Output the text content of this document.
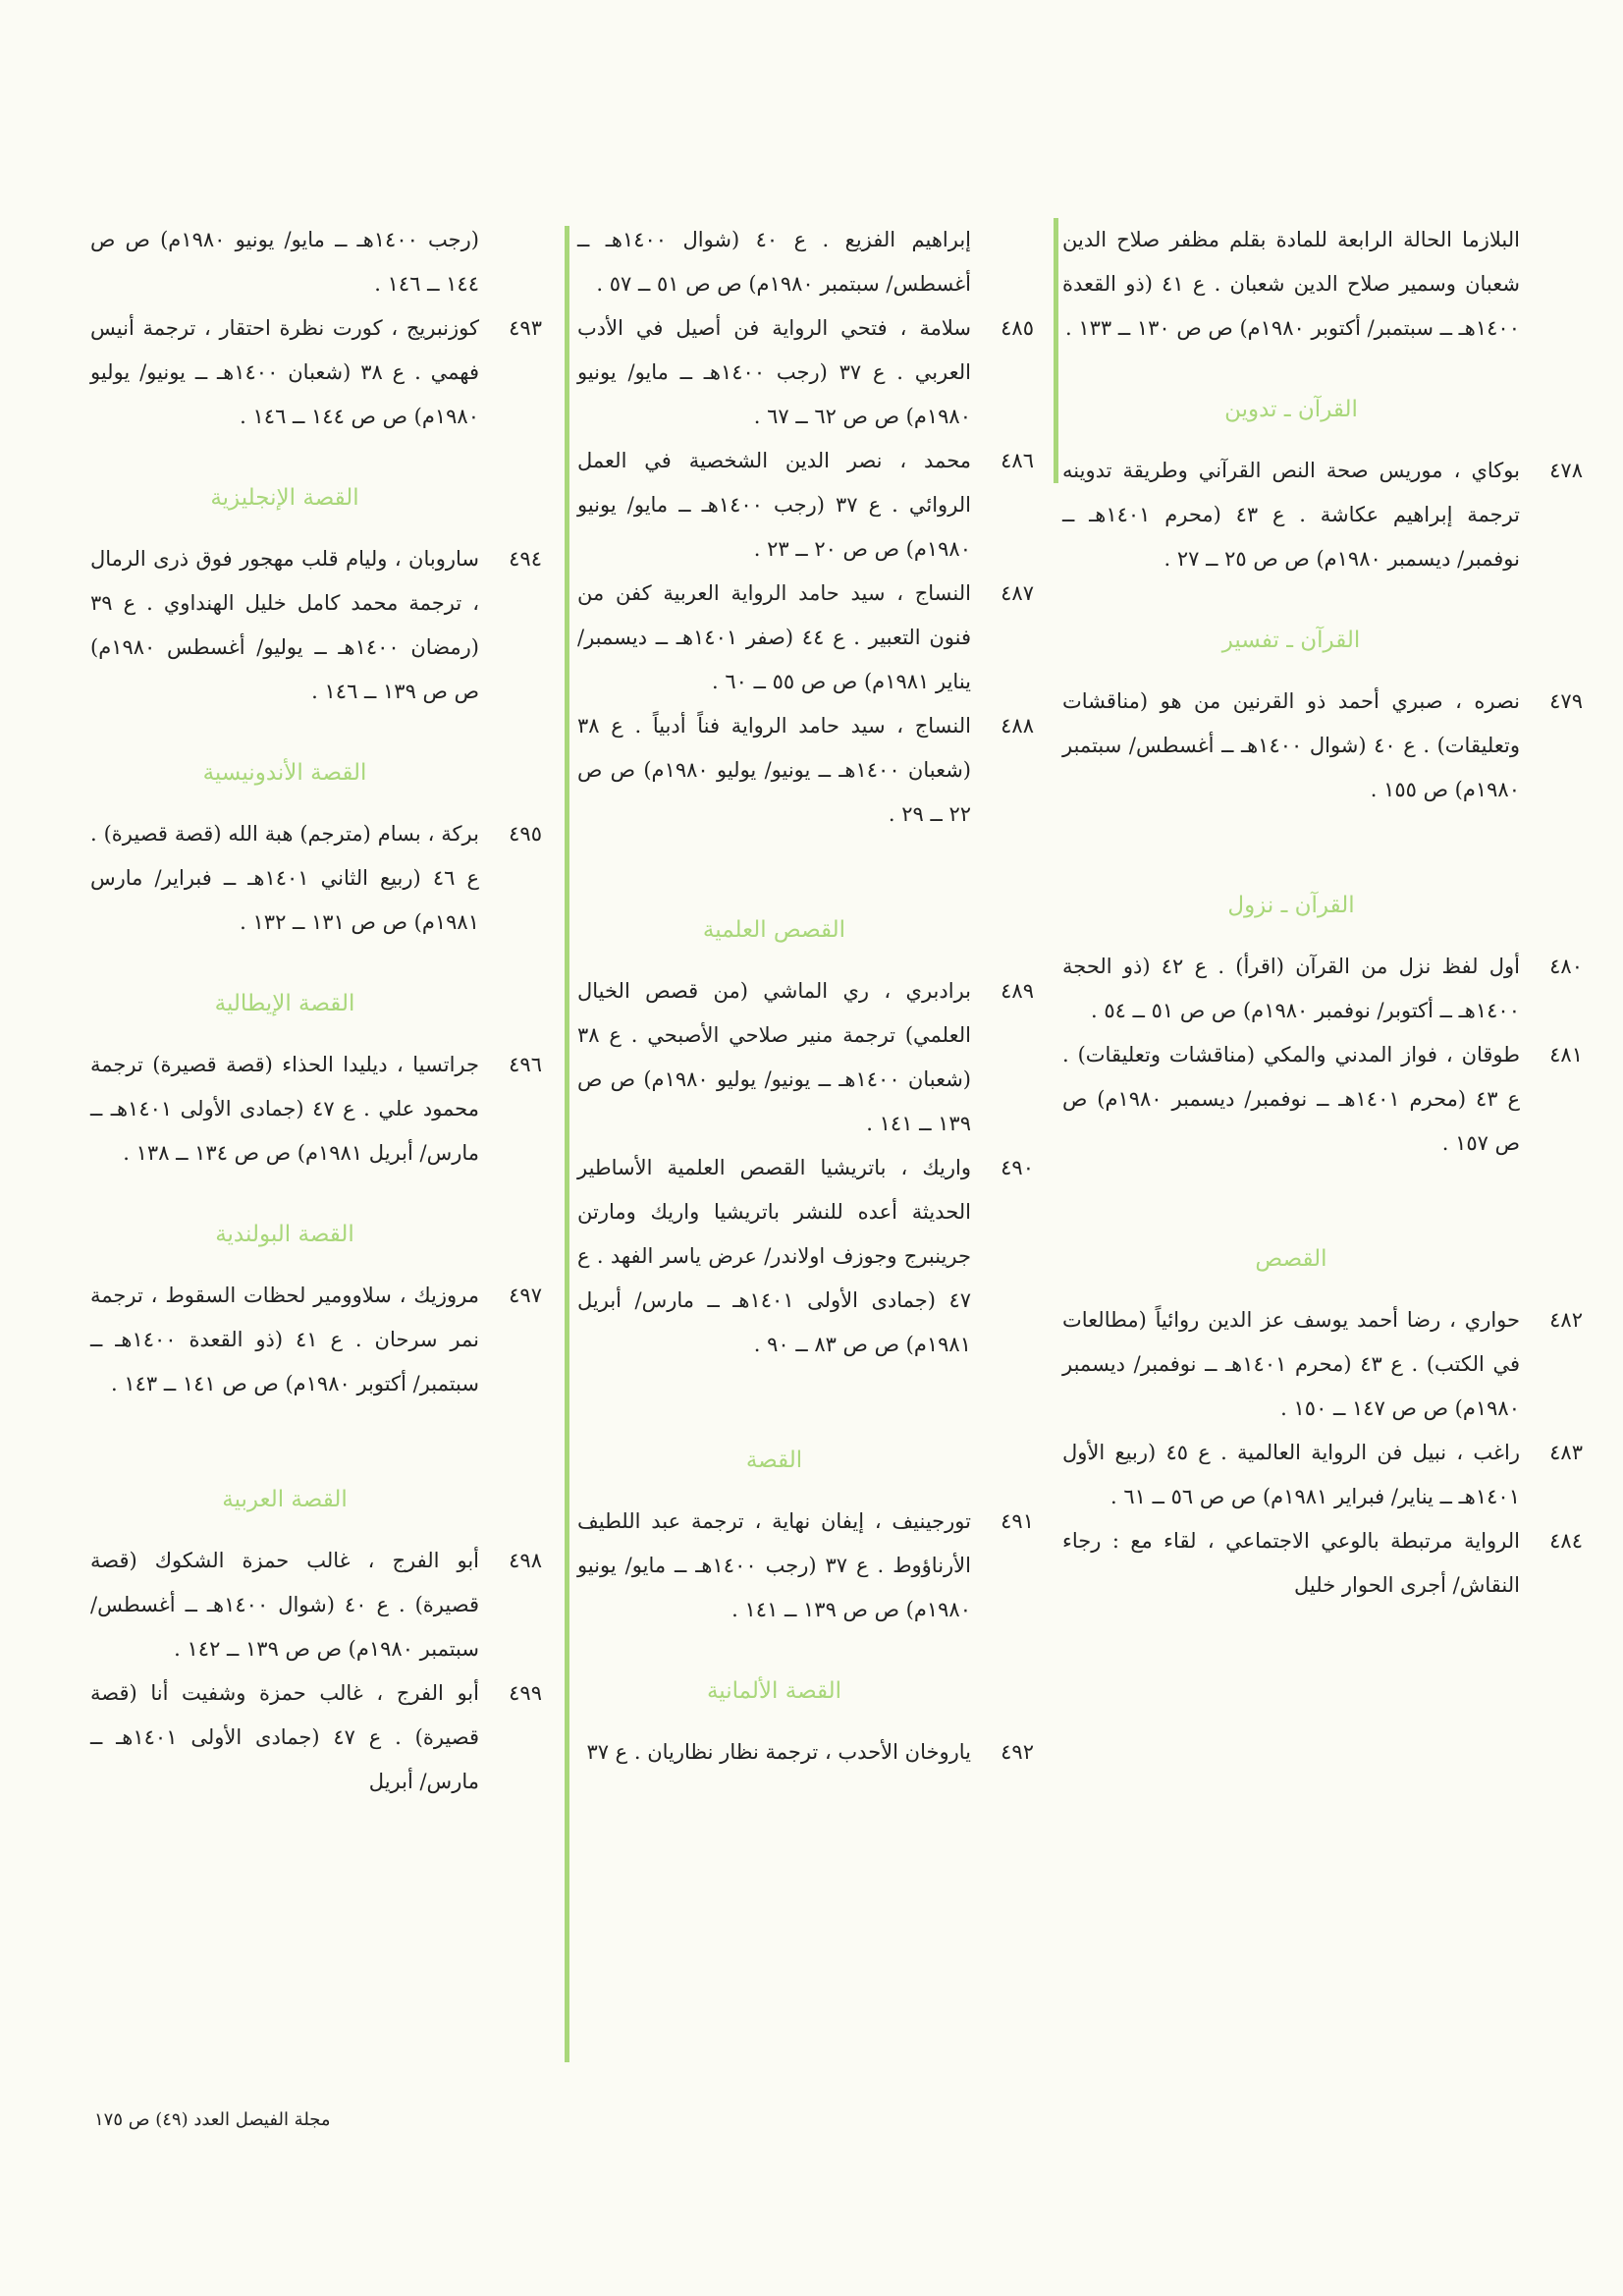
البلازما الحالة الرابعة للمادة بقلم مظفر صلاح الدين شعبان وسمير صلاح الدين شعبان . ع ٤١ (ذو القعدة ١٤٠٠هـ ــ سبتمبر/ أكتوبر ١٩٨٠م) ص ص ١٣٠ ــ ١٣٣ .
القرآن ـ تدوين
٤٧٨
بوكاي ، موريس صحة النص القرآني وطريقة تدوينه ترجمة إبراهيم عكاشة . ع ٤٣ (محرم ١٤٠١هـ ــ نوفمبر/ ديسمبر ١٩٨٠م) ص ص ٢٥ ــ ٢٧ .
القرآن ـ تفسير
٤٧٩
نصره ، صبري أحمد ذو القرنين من هو (مناقشات وتعليقات) . ع ٤٠ (شوال ١٤٠٠هـ ــ أغسطس/ سبتمبر ١٩٨٠م) ص ١٥٥ .
القرآن ـ نزول
٤٨٠
أول لفظ نزل من القرآن (اقرأ) . ع ٤٢ (ذو الحجة ١٤٠٠هـ ــ أكتوبر/ نوفمبر ١٩٨٠م) ص ص ٥١ ــ ٥٤ .
٤٨١
طوقان ، فواز المدني والمكي (مناقشات وتعليقات) . ع ٤٣ (محرم ١٤٠١هـ ــ نوفمبر/ ديسمبر ١٩٨٠م) ص ص ١٥٧ .
القصص
٤٨٢
حواري ، رضا أحمد يوسف عز الدين روائياً (مطالعات في الكتب) . ع ٤٣ (محرم ١٤٠١هـ ــ نوفمبر/ ديسمبر ١٩٨٠م) ص ص ١٤٧ ــ ١٥٠ .
٤٨٣
راغب ، نبيل فن الرواية العالمية . ع ٤٥ (ربيع الأول ١٤٠١هـ ــ يناير/ فبراير ١٩٨١م) ص ص ٥٦ ــ ٦١ .
٤٨٤
الرواية مرتبطة بالوعي الاجتماعي ، لقاء مع : رجاء النقاش/ أجرى الحوار خليل
إبراهيم الفزيع . ع ٤٠ (شوال ١٤٠٠هـ ــ أغسطس/ سبتمبر ١٩٨٠م) ص ص ٥١ ــ ٥٧ .
٤٨٥
سلامة ، فتحي الرواية فن أصيل في الأدب العربي . ع ٣٧ (رجب ١٤٠٠هـ ــ مايو/ يونيو ١٩٨٠م) ص ص ٦٢ ــ ٦٧ .
٤٨٦
محمد ، نصر الدين الشخصية في العمل الروائي . ع ٣٧ (رجب ١٤٠٠هـ ــ مايو/ يونيو ١٩٨٠م) ص ص ٢٠ ــ ٢٣ .
٤٨٧
النساج ، سيد حامد الرواية العربية كفن من فنون التعبير . ع ٤٤ (صفر ١٤٠١هـ ــ ديسمبر/ يناير ١٩٨١م) ص ص ٥٥ ــ ٦٠ .
٤٨٨
النساج ، سيد حامد الرواية فناً أدبياً . ع ٣٨ (شعبان ١٤٠٠هـ ــ يونيو/ يوليو ١٩٨٠م) ص ص ٢٢ ــ ٢٩ .
القصص العلمية
٤٨٩
برادبري ، ري الماشي (من قصص الخيال العلمي) ترجمة منير صلاحي الأصبحي . ع ٣٨ (شعبان ١٤٠٠هـ ــ يونيو/ يوليو ١٩٨٠م) ص ص ١٣٩ ــ ١٤١ .
٤٩٠
واريك ، باتريشيا القصص العلمية الأساطير الحديثة أعده للنشر باتريشيا واريك ومارتن جرينبرج وجوزف اولاندر/ عرض ياسر الفهد . ع ٤٧ (جمادى الأولى ١٤٠١هـ ــ مارس/ أبريل ١٩٨١م) ص ص ٨٣ ــ ٩٠ .
القصة
٤٩١
تورجينيف ، إيفان نهاية ، ترجمة عبد اللطيف الأرناؤوط . ع ٣٧ (رجب ١٤٠٠هـ ــ مايو/ يونيو ١٩٨٠م) ص ص ١٣٩ ــ ١٤١ .
القصة الألمانية
٤٩٢
ياروخان الأحدب ، ترجمة نظار نظاريان . ع ٣٧
(رجب ١٤٠٠هـ ــ مايو/ يونيو ١٩٨٠م) ص ص ١٤٤ ــ ١٤٦ .
٤٩٣
كوزنبريج ، كورت نظرة احتقار ، ترجمة أنيس فهمي . ع ٣٨ (شعبان ١٤٠٠هـ ــ يونيو/ يوليو ١٩٨٠م) ص ص ١٤٤ ــ ١٤٦ .
القصة الإنجليزية
٤٩٤
ساروبان ، وليام قلب مهجور فوق ذرى الرمال ، ترجمة محمد كامل خليل الهنداوي . ع ٣٩ (رمضان ١٤٠٠هـ ــ يوليو/ أغسطس ١٩٨٠م) ص ص ١٣٩ ــ ١٤٦ .
القصة الأندونيسية
٤٩٥
بركة ، بسام (مترجم) هبة الله (قصة قصيرة) . ع ٤٦ (ربيع الثاني ١٤٠١هـ ــ فبراير/ مارس ١٩٨١م) ص ص ١٣١ ــ ١٣٢ .
القصة الإيطالية
٤٩٦
جراتسيا ، ديليدا الحذاء (قصة قصيرة) ترجمة محمود علي . ع ٤٧ (جمادى الأولى ١٤٠١هـ ــ مارس/ أبريل ١٩٨١م) ص ص ١٣٤ ــ ١٣٨ .
القصة البولندية
٤٩٧
مروزيك ، سلاوومير لحظات السقوط ، ترجمة نمر سرحان . ع ٤١ (ذو القعدة ١٤٠٠هـ ــ سبتمبر/ أكتوبر ١٩٨٠م) ص ص ١٤١ ــ ١٤٣ .
القصة العربية
٤٩٨
أبو الفرج ، غالب حمزة الشكوك (قصة قصيرة) . ع ٤٠ (شوال ١٤٠٠هـ ــ أغسطس/ سبتمبر ١٩٨٠م) ص ص ١٣٩ ــ ١٤٢ .
٤٩٩
أبو الفرج ، غالب حمزة وشفيت أنا (قصة قصيرة) . ع ٤٧ (جمادى الأولى ١٤٠١هـ ــ مارس/ أبريل
مجلة الفيصل العدد (٤٩) ص ١٧٥
